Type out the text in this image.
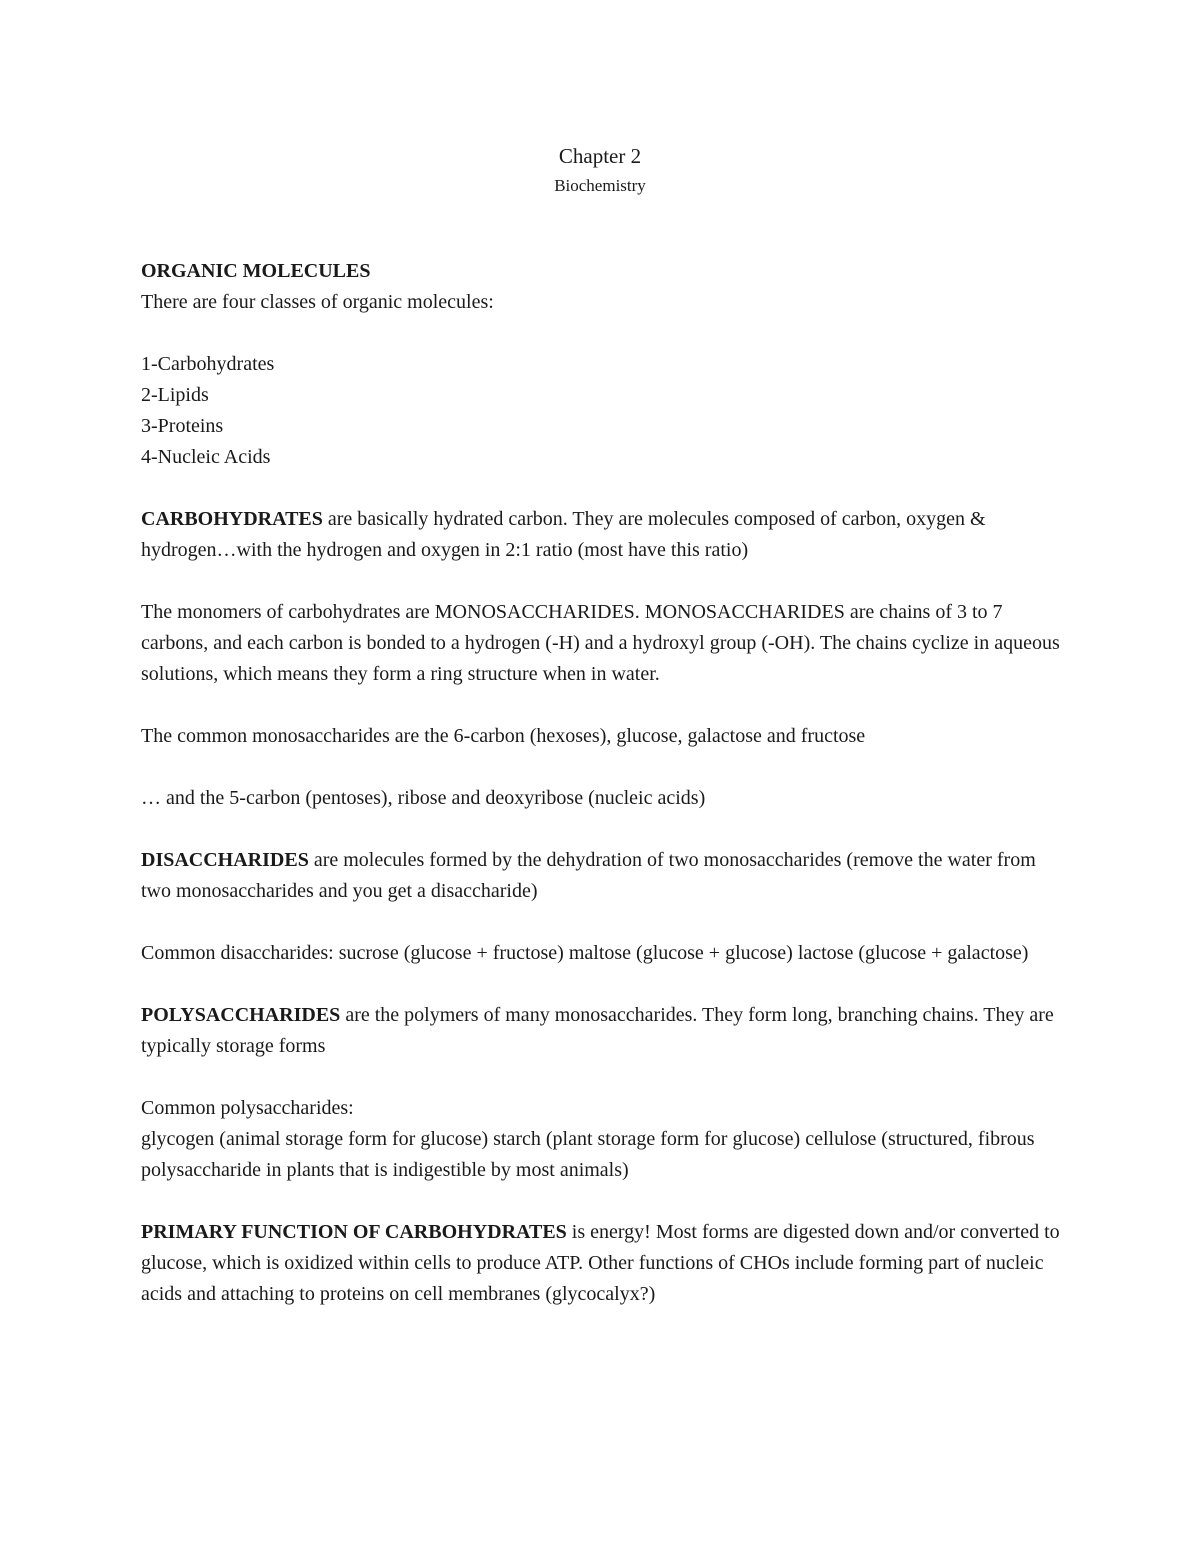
Chapter 2

Biochemistry

ORGANIC MOLECULES

There are four classes of organic molecules:

1-Carbohydrates

2-Lipids

3-Proteins

4-Nucleic Acids

CARBOHYDRATES are basically hydrated carbon. They are molecules composed of carbon, oxygen & hydrogen…with the hydrogen and oxygen in 2:1 ratio (most have this ratio)

The monomers of carbohydrates are MONOSACCHARIDES. MONOSACCHARIDES are chains of 3 to 7 carbons, and each carbon is bonded to a hydrogen (-H) and a hydroxyl group (-OH). The chains cyclize in aqueous solutions, which means they form a ring structure when in water.

The common monosaccharides are the 6-carbon (hexoses), glucose, galactose and fructose

… and the 5-carbon (pentoses), ribose and deoxyribose (nucleic acids)

DISACCHARIDES are molecules formed by the dehydration of two monosaccharides (remove the water from two monosaccharides and you get a disaccharide)

Common disaccharides: sucrose (glucose + fructose) maltose (glucose + glucose) lactose (glucose + galactose)

POLYSACCHARIDES are the polymers of many monosaccharides. They form long, branching chains. They are typically storage forms

Common polysaccharides:

glycogen (animal storage form for glucose) starch (plant storage form for glucose) cellulose (structured, fibrous polysaccharide in plants that is indigestible by most animals)

PRIMARY FUNCTION OF CARBOHYDRATES is energy! Most forms are digested down and/or converted to glucose, which is oxidized within cells to produce ATP. Other functions of CHOs include forming part of nucleic acids and attaching to proteins on cell membranes (glycocalyx?)
